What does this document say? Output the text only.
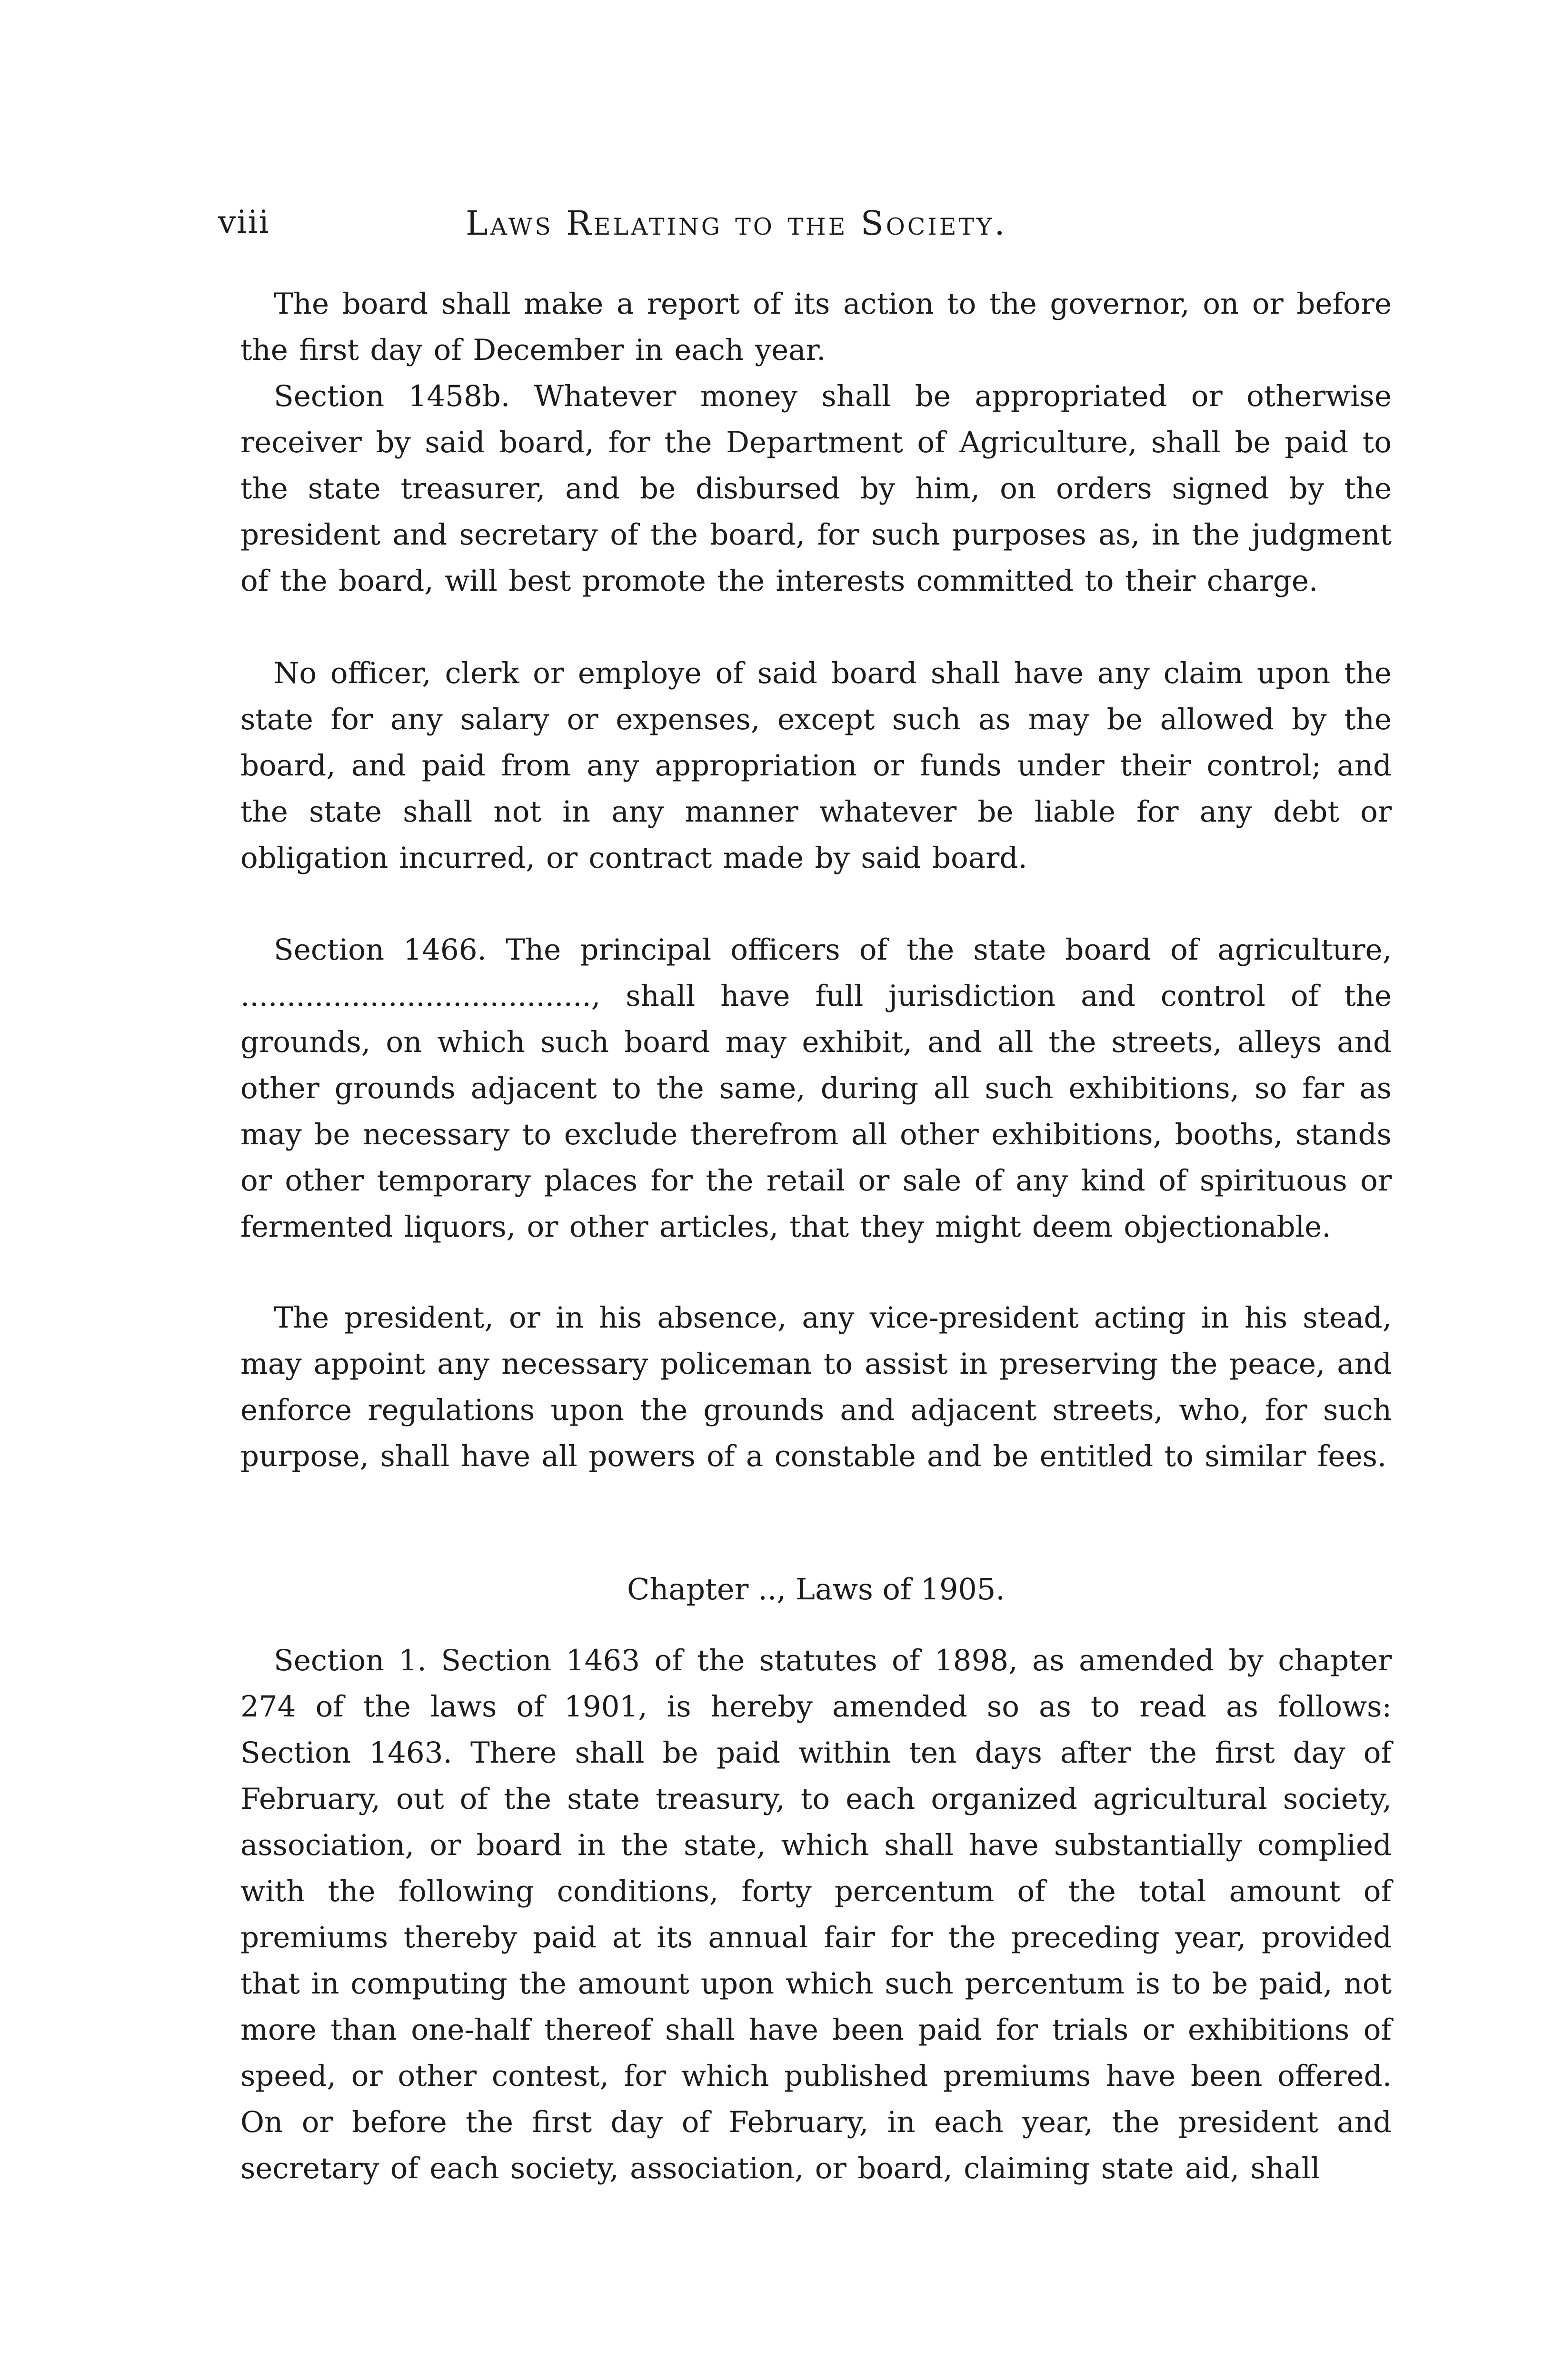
viii	Laws Relating to the Society.

The board shall make a report of its action to the governor, on or before the first day of December in each year.

Section 1458b. Whatever money shall be appropriated or otherwise receiver by said board, for the Department of Agriculture, shall be paid to the state treasurer, and be disbursed by him, on orders signed by the president and secretary of the board, for such purposes as, in the judgment of the board, will best promote the interests committed to their charge.

No officer, clerk or employe of said board shall have any claim upon the state for any salary or expenses, except such as may be allowed by the board, and paid from any appropriation or funds under their control; and the state shall not in any manner whatever be liable for any debt or obligation incurred, or contract made by said board.

Section 1466. The principal officers of the state board of agriculture, ......................................, shall have full jurisdiction and control of the grounds, on which such board may exhibit, and all the streets, alleys and other grounds adjacent to the same, during all such exhibitions, so far as may be necessary to exclude therefrom all other exhibitions, booths, stands or other temporary places for the retail or sale of any kind of spirituous or fermented liquors, or other articles, that they might deem objectionable.

The president, or in his absence, any vice-president acting in his stead, may appoint any necessary policeman to assist in preserving the peace, and enforce regulations upon the grounds and adjacent streets, who, for such purpose, shall have all powers of a constable and be entitled to similar fees.

Chapter .., Laws of 1905.

Section 1. Section 1463 of the statutes of 1898, as amended by chapter 274 of the laws of 1901, is hereby amended so as to read as follows: Section 1463. There shall be paid within ten days after the first day of February, out of the state treasury, to each organized agricultural society, association, or board in the state, which shall have substantially complied with the following conditions, forty percentum of the total amount of premiums thereby paid at its annual fair for the preceding year, provided that in computing the amount upon which such percentum is to be paid, not more than one-half thereof shall have been paid for trials or exhibitions of speed, or other contest, for which published premiums have been offered. On or before the first day of February, in each year, the president and secretary of each society, association, or board, claiming state aid, shall
